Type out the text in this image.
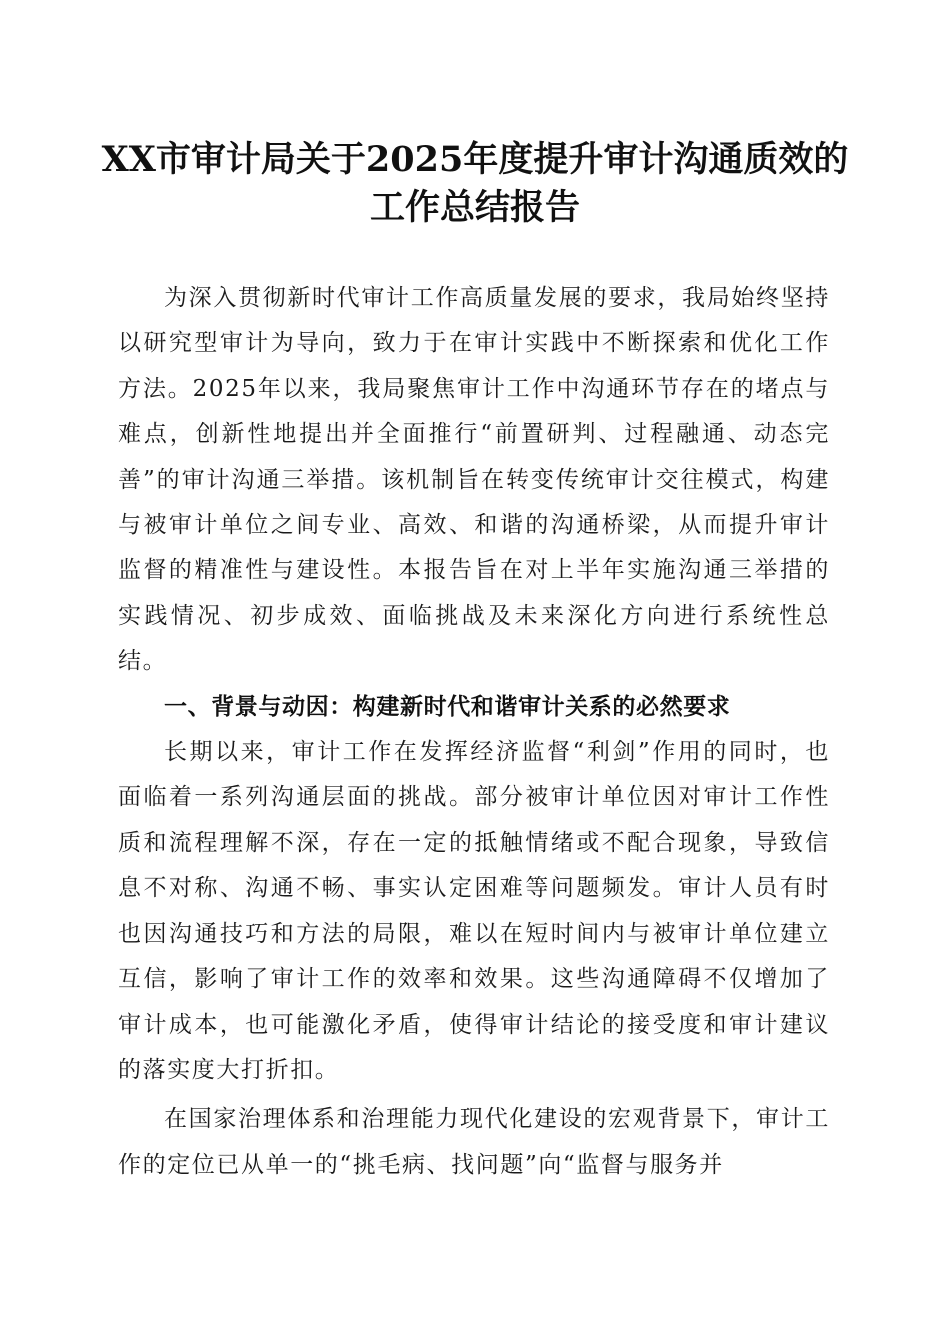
XX市审计局关于2025年度提升审计沟通质效的工作总结报告

为深入贯彻新时代审计工作高质量发展的要求，我局始终坚持以研究型审计为导向，致力于在审计实践中不断探索和优化工作方法。2025年以来，我局聚焦审计工作中沟通环节存在的堵点与难点，创新性地提出并全面推行“前置研判、过程融通、动态完善”的审计沟通三举措。该机制旨在转变传统审计交往模式，构建与被审计单位之间专业、高效、和谐的沟通桥梁，从而提升审计监督的精准性与建设性。本报告旨在对上半年实施沟通三举措的实践情况、初步成效、面临挑战及未来深化方向进行系统性总结。

一、背景与动因：构建新时代和谐审计关系的必然要求

长期以来，审计工作在发挥经济监督“利剑”作用的同时，也面临着一系列沟通层面的挑战。部分被审计单位因对审计工作性质和流程理解不深，存在一定的抵触情绪或不配合现象，导致信息不对称、沟通不畅、事实认定困难等问题频发。审计人员有时也因沟通技巧和方法的局限，难以在短时间内与被审计单位建立互信，影响了审计工作的效率和效果。这些沟通障碍不仅增加了审计成本，也可能激化矛盾，使得审计结论的接受度和审计建议的落实度大打折扣。

在国家治理体系和治理能力现代化建设的宏观背景下，审计工作的定位已从单一的“挑毛病、找问题”向“监督与服务并
